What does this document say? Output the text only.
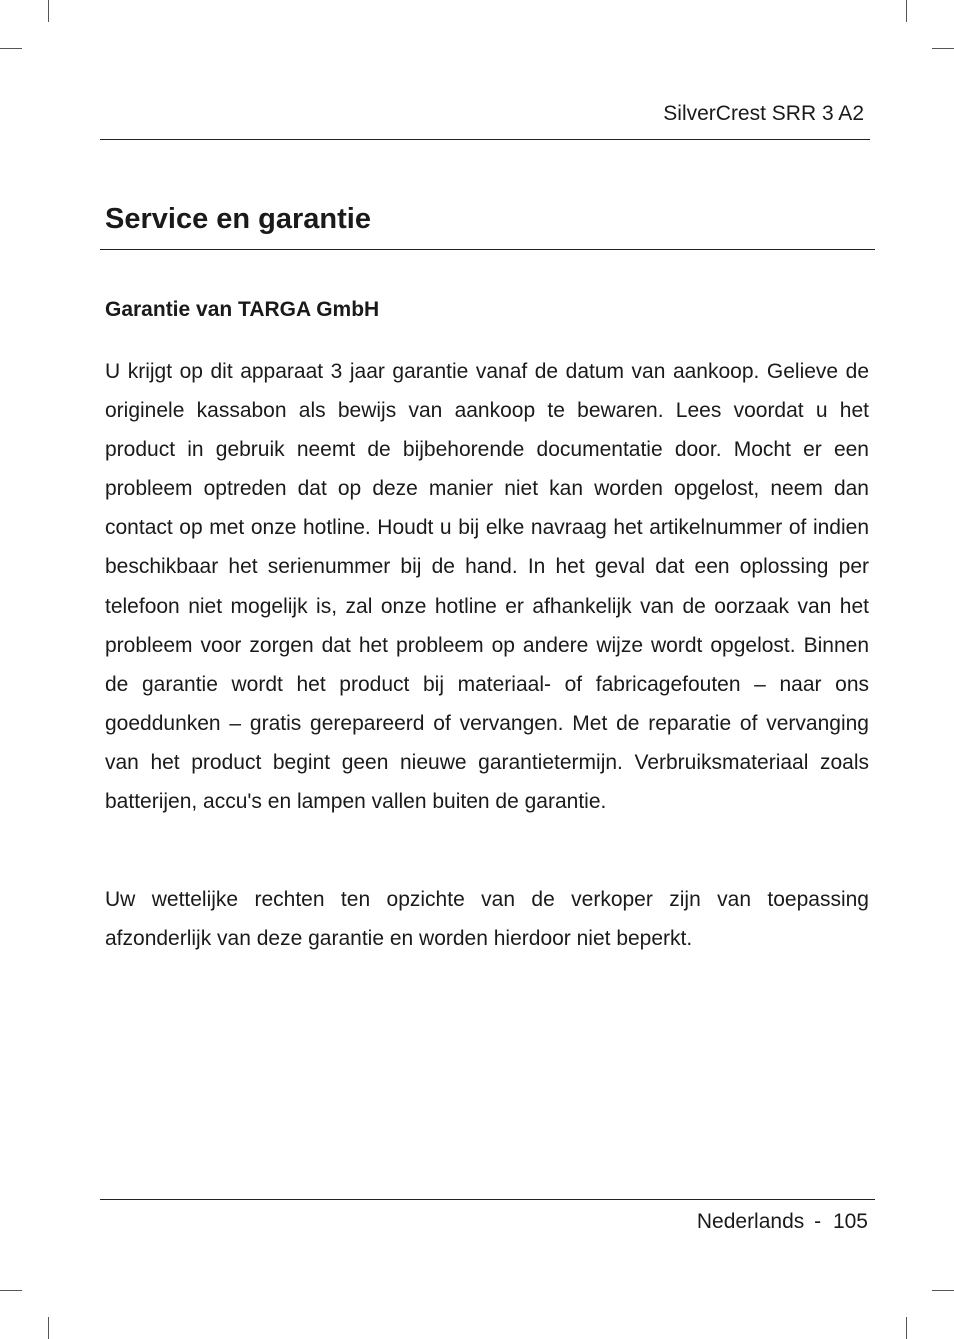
SilverCrest SRR 3 A2
Service en garantie
Garantie van TARGA GmbH

U krijgt op dit apparaat 3 jaar garantie vanaf de datum van aankoop. Gelieve de originele kassabon als bewijs van aankoop te bewaren. Lees voordat u het product in gebruik neemt de bijbehorende documentatie door. Mocht er een probleem optreden dat op deze manier niet kan worden opgelost, neem dan contact op met onze hotline. Houdt u bij elke navraag het artikelnummer of indien beschikbaar het serienummer bij de hand. In het geval dat een oplossing per telefoon niet mogelijk is, zal onze hotline er afhankelijk van de oorzaak van het probleem voor zorgen dat het probleem op andere wijze wordt opgelost. Binnen de garantie wordt het product bij materiaal- of fabricagefouten – naar ons goeddunken – gratis gerepareerd of vervangen. Met de reparatie of vervanging van het product begint geen nieuwe garantietermijn. Verbruiksmateriaal zoals batterijen, accu's en lampen vallen buiten de garantie.

Uw wettelijke rechten ten opzichte van de verkoper zijn van toepassing afzonderlijk van deze garantie en worden hierdoor niet beperkt.

Nederlands - 105
